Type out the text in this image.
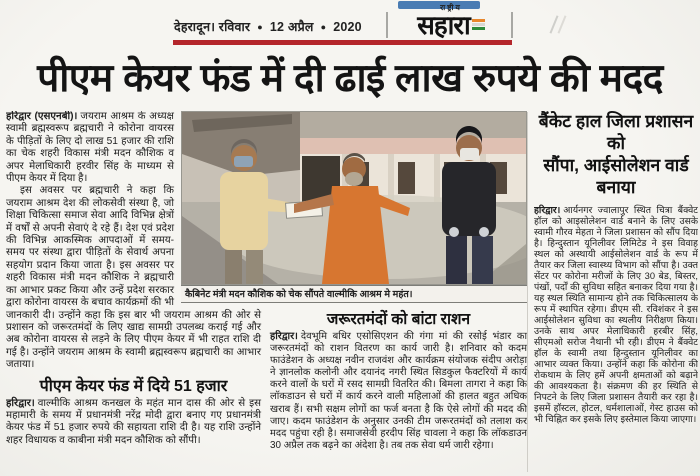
देहरादून। रविवार ● 12 अप्रैल ● 2020
राष्ट्रीय
सहारा
पीएम केयर फंड में दी ढाई लाख रुपये की मदद
कैबिनेट मंत्री मदन कौशिक को चेक सौंपते वाल्मीकि आश्रम मे महंत।
जरूरतमंदों को बांटा राशन

हरिद्वार। देवभूमि बधिर एसोसिएशन की गंगा मां की रसोई भंडार का जरूरतमंदों को राशन वितरण का कार्य जारी है। शनिवार को कदम फाउंडेशन के अध्यक्ष नवीन राजवंश और कार्यक्रम संयोजक संदीप अरोड़ा ने ज्ञानलोक कलोनी और दयानंद नगरी स्थित सिडकुल फैक्टरियों में कार्य करने वालों के घरों में रसद सामग्री वितरित की। बिमला तागरा ने कहा कि लॉकडाउन से घरों में कार्य करने वाली महिलाओं की हालत बहुत अधिक खराब हैं। सभी सक्षम लोगों का फर्ज बनता है कि ऐसे लोगों की मदद की जाए। कदम फाउंडेशन के अनुसार उनकी टीम जरूरतमंदों को तलाश कर मदद पहुंचा रही है। समाजसेवी हरदीप सिंह चावला ने कहा कि लॉकडाउन 30 अप्रैल तक बढ़ने का अंदेशा है। तब तक सेवा धर्म जारी रहेगा।

हरिद्वार (एसएनबी)। जयराम आश्रम के अध्यक्ष स्वामी ब्रह्मस्वरूप ब्रह्मचारी ने कोरोना वायरस के पीड़ितों के लिए दो लाख 51 हजार की राशि का चेक शहरी विकास मंत्री मदन कौशिक व अपर मेलाधिकारी हरवीर सिंह के माध्यम से पीएम केयर में दिया है।

इस अवसर पर ब्रह्मचारी ने कहा कि जयराम आश्रम देश की लोकसेवी संस्था है, जो शिक्षा चिकित्सा समाज सेवा आदि विभिन्न क्षेत्रों में वर्षों से अपनी सेवाएं दे रहे हैं। देश एवं प्रदेश की विभिन्न आकस्मिक आपदाओं में समय-समय पर संस्था द्वारा पीड़ितों के सेवार्थ अपना सहयोग प्रदान किया जाता है। इस अवसर पर शहरी विकास मंत्री मदन कौशिक ने ब्रह्मचारी का आभार प्रकट किया और उन्हें प्रदेश सरकार द्वारा कोरोना वायरस के बचाव कार्यक्रमों की भी जानकारी दी। उन्होंने कहा कि इस बार भी जयराम आश्रम की ओर से प्रशासन को जरूरतमंदों के लिए खाद्य सामग्री उपलब्ध कराई गई और अब कोरोना वायरस से लड़ने के लिए पीएम केयर में भी राहत राशि दी गई है। उन्होंने जयराम आश्रम के स्वामी ब्रह्मस्वरूप ब्रह्मचारी का आभार जताया।

पीएम केयर फंड में दिये 51 हजार

हरिद्वार। वाल्मीकि आश्रम कनखल के महंत मान दास की ओर से इस महामारी के समय में प्रधानमंत्री नरेंद्र मोदी द्वारा बनाए गए प्रधानमंत्री केयर फंड में 51 हजार रुपये की सहायता राशि दी है। यह राशि उन्होंने शहर विधायक व काबीना मंत्री मदन कौशिक को सौंपी।

बैंकेट हाल जिला प्रशासन को
सौंपा, आईसोलेशन वार्ड बनाया

हरिद्वार। आर्यनगर ज्वालापुर स्थित चित्रा बैंक्वेट हॉल को आइसोलेशन वार्ड बनाने के लिए उसके स्वामी गौरव मेहता ने जिला प्रशासन को सौंप दिया है। हिन्दुस्तान यूनिलीवर लिमिटेड ने इस विवाह स्थल को अस्थायी आईसोलेशन वार्ड के रूप में तैयार कर जिला स्वास्थ्य विभाग को सौंपा है। उक्त सेंटर पर कोरोना मरीजों के लिए 30 बेड, बिस्तर, पंखों, पर्दों की सुविधा सहित बनाकर दिया गया है। यह स्थल स्थिति सामान्य होने तक चिकित्सालय के रूप में स्थापित रहेगा। डीएम सी. रविशंकर ने इस आईसोलेशन सुविधा का स्थलीय निरीक्षण किया। उनके साथ अपर मेलाधिकारी हरबीर सिंह, सीएमओ सरोज नैथानी भी रही। डीएम ने बैंक्वेट हॉल के स्वामी तथा हिन्दुस्तान यूनिलीवर का आभार व्यक्त किया। उन्होंने कहा कि कोरोना की रोकथाम के लिए हमें अपनी क्षमताओं को बढ़ाने की आवश्यकता है। संक्रमण की हर स्थिति से निपटने के लिए जिला प्रशासन तैयारी कर रहा है। इसमें हॉस्टल, होटल, धर्मशालाओं, गेस्ट हाउस को भी चिह्नित कर इसके लिए इस्तेमाल किया जाएगा।
